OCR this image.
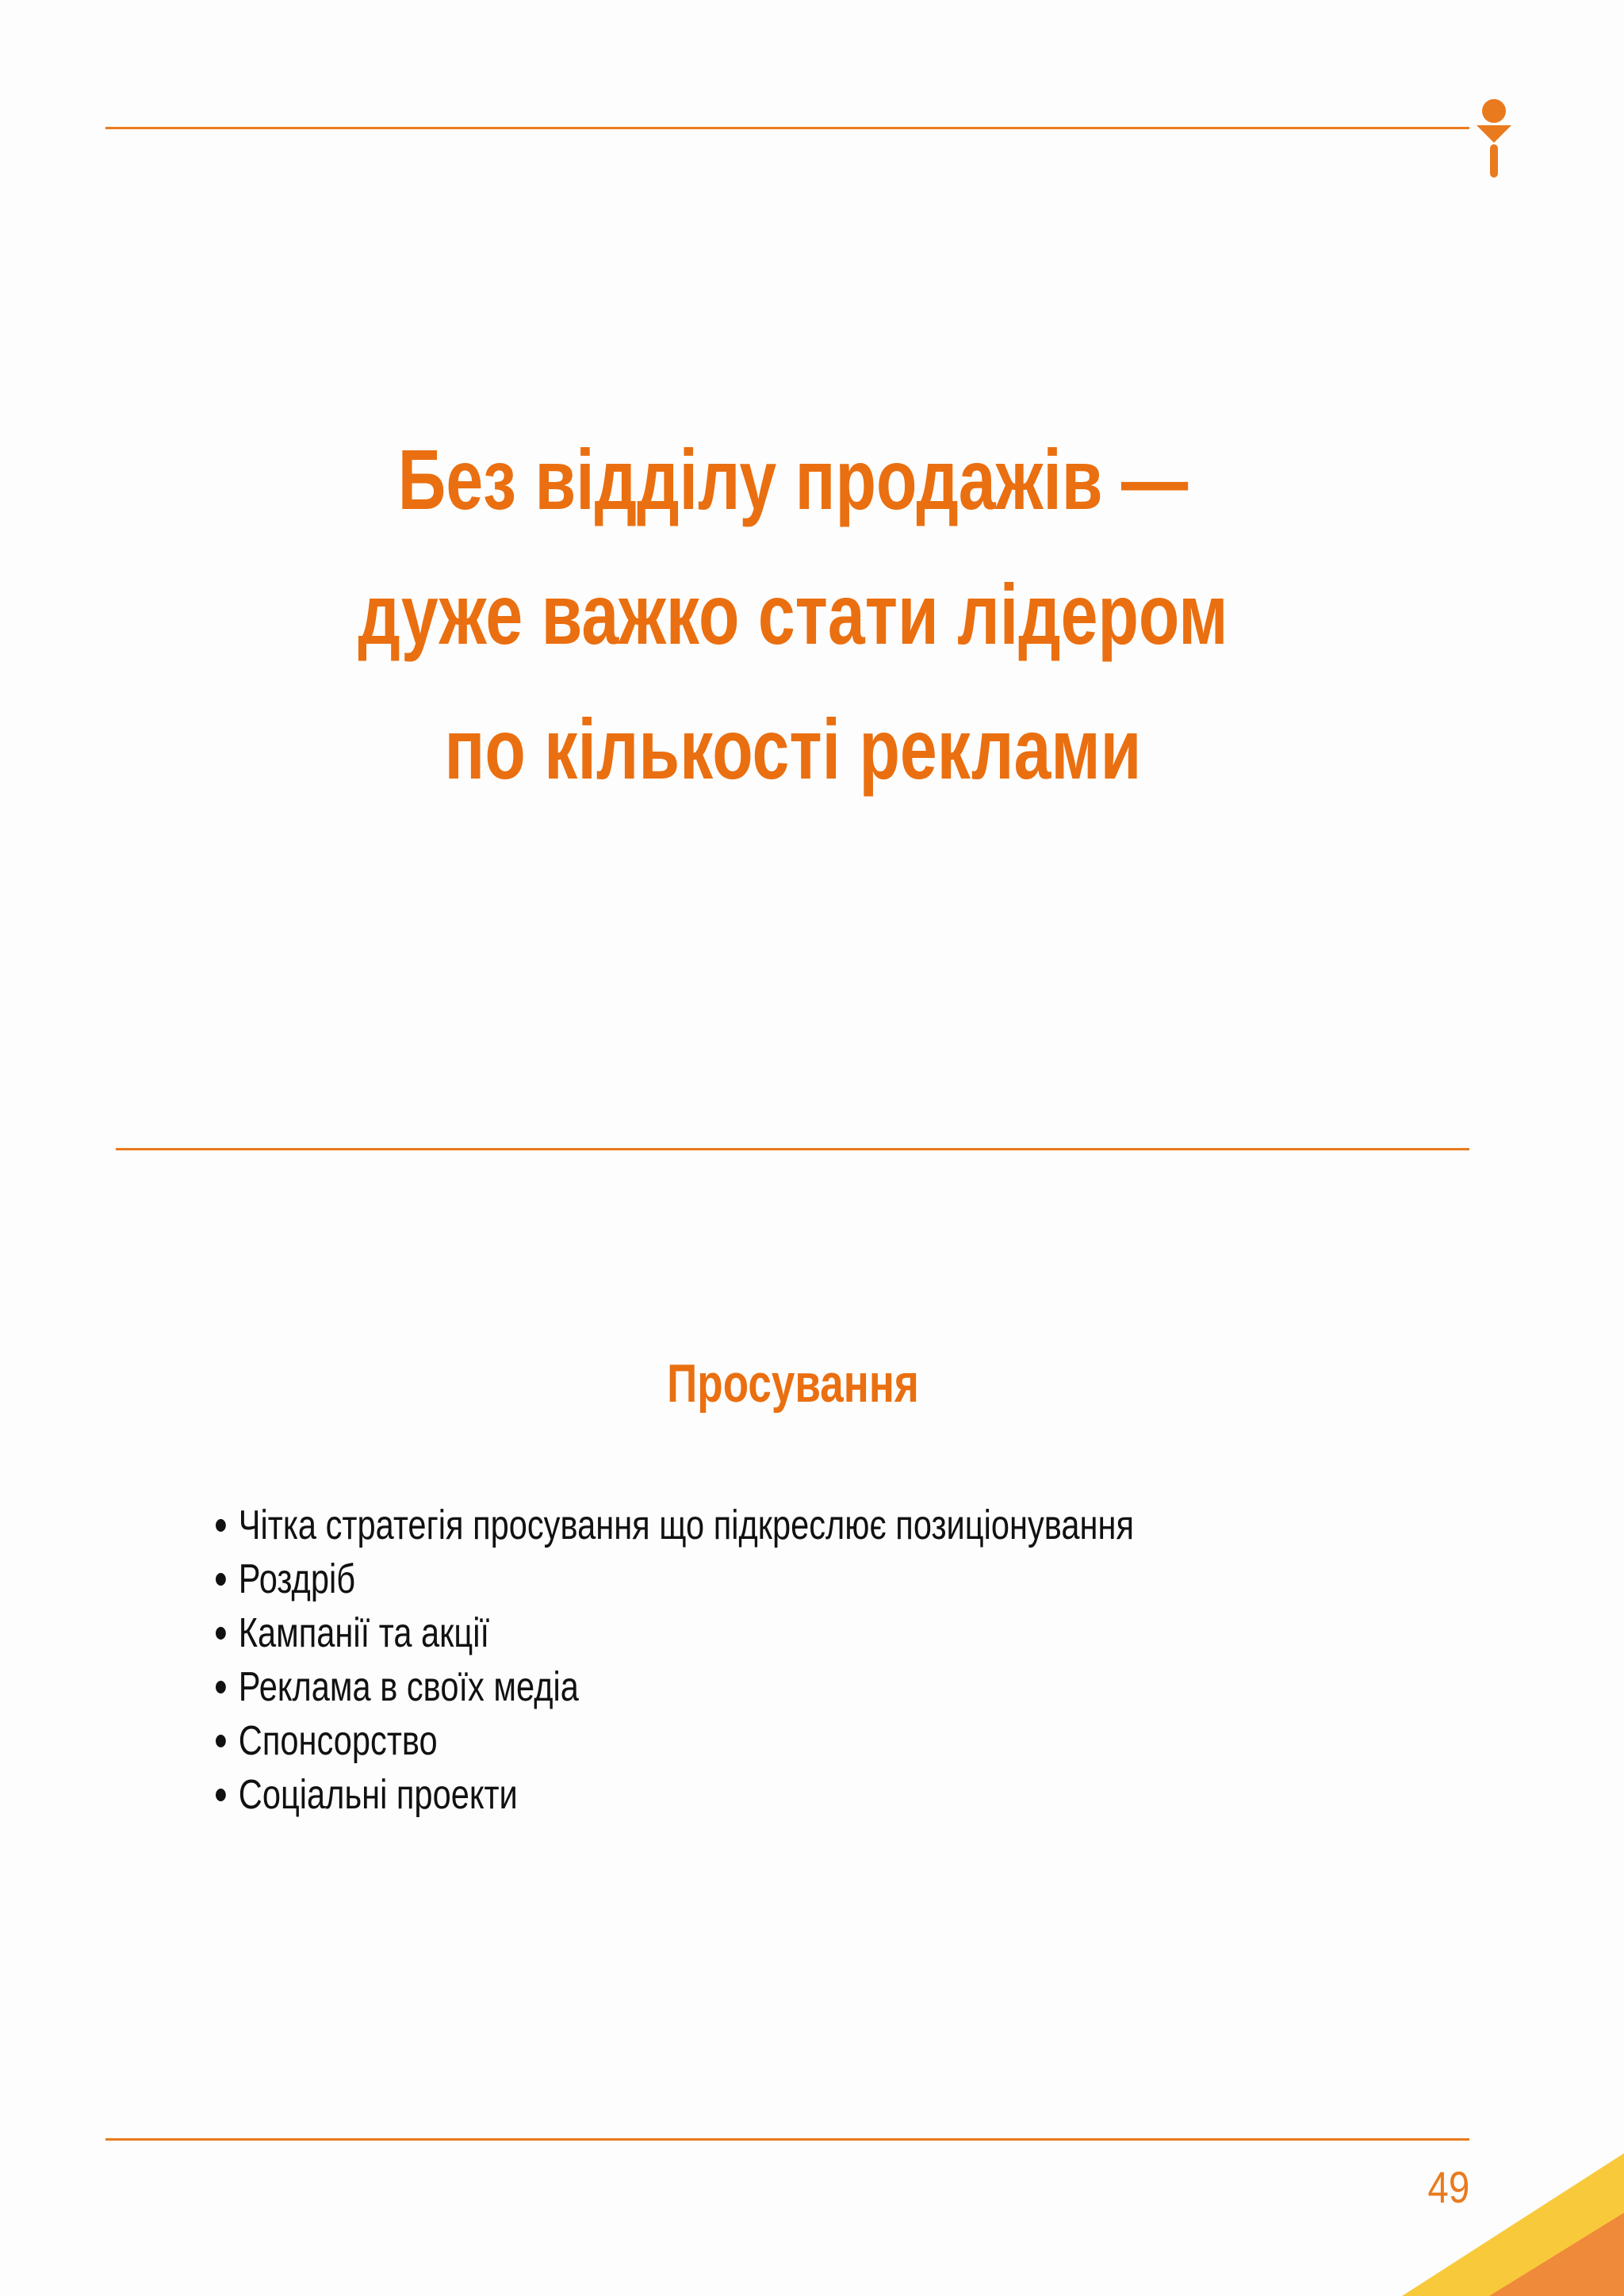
Без відділу продажів —
дуже важко стати лідером
по кількості реклами
Просування
Чітка стратегія просування що підкреслює позиціонування
Роздріб
Кампанії та акції
Реклама в своїх медіа
Спонсорство
Соціальні проекти
49
